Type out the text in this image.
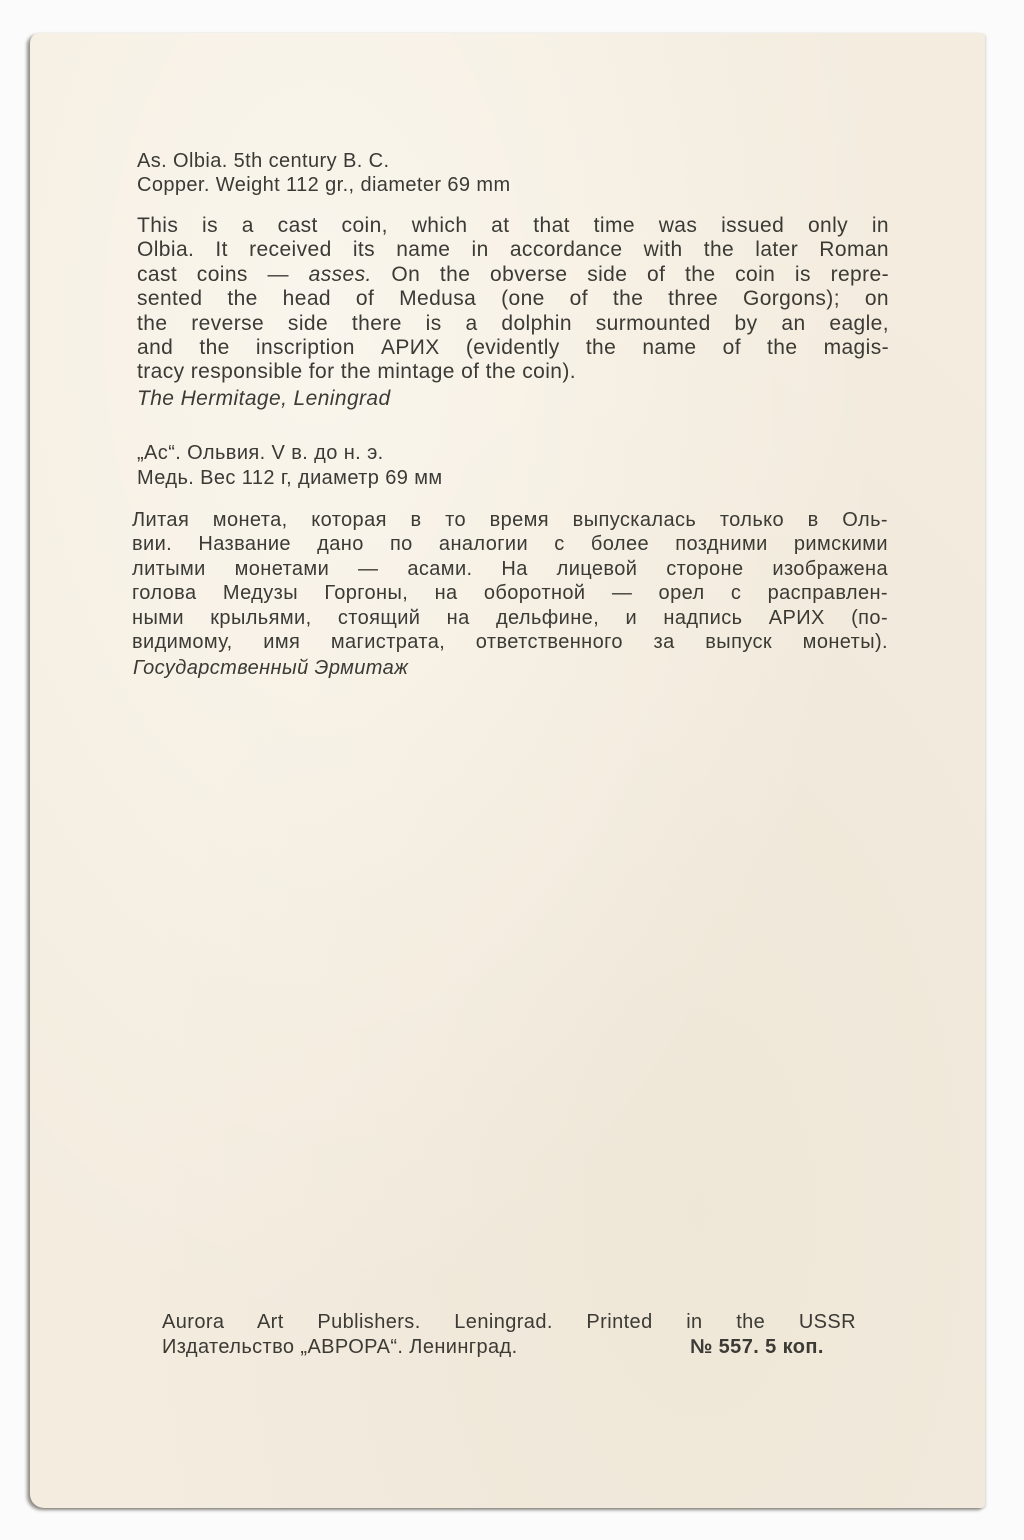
As. Olbia. 5th century B. C.
Copper. Weight 112 gr., diameter 69 mm
This is a cast coin, which at that time was issued only in
Olbia. It received its name in accordance with the later Roman
cast coins — asses. On the obverse side of the coin is repre-
sented the head of Medusa (one of the three Gorgons); on
the reverse side there is a dolphin surmounted by an eagle,
and the inscription АРИХ (evidently the name of the magis-
tracy responsible for the mintage of the coin).
The Hermitage, Leningrad
„Ас“. Ольвия. V в. до н. э.
Медь. Вес 112 г, диаметр 69 мм
Литая монета, которая в то время выпускалась только в Оль-
вии. Название дано по аналогии с более поздними римскими
литыми монетами — асами. На лицевой стороне изображена
голова Медузы Горгоны, на оборотной — орел с расправлен-
ными крыльями, стоящий на дельфине, и надпись АРИХ (по-
видимому, имя магистрата, ответственного за выпуск монеты).
Государственный Эрмитаж
Aurora Art Publishers. Leningrad. Printed in the USSR
Издательство „АВРОРА“. Ленинград.	№ 557. 5 коп.
